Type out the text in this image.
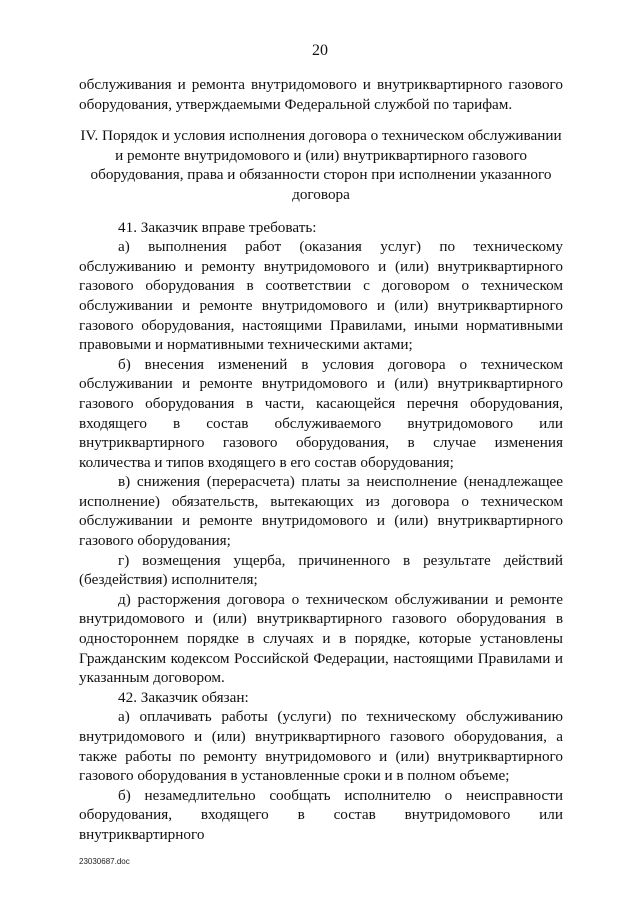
20

обслуживания и ремонта внутридомового и внутриквартирного газового оборудования, утверждаемыми Федеральной службой по тарифам.

IV. Порядок и условия исполнения договора о техническом обслуживании и ремонте внутридомового и (или) внутриквартирного газового оборудования, права и обязанности сторон при исполнении указанного договора

41. Заказчик вправе требовать:

а) выполнения работ (оказания услуг) по техническому обслуживанию и ремонту внутридомового и (или) внутриквартирного газового оборудования в соответствии с договором о техническом обслуживании и ремонте внутридомового и (или) внутриквартирного газового оборудования, настоящими Правилами, иными нормативными правовыми и нормативными техническими актами;

б) внесения изменений в условия договора о техническом обслуживании и ремонте внутридомового и (или) внутриквартирного газового оборудования в части, касающейся перечня оборудования, входящего в состав обслуживаемого внутридомового или внутриквартирного газового оборудования, в случае изменения количества и типов входящего в его состав оборудования;

в) снижения (перерасчета) платы за неисполнение (ненадлежащее исполнение) обязательств, вытекающих из договора о техническом обслуживании и ремонте внутридомового и (или) внутриквартирного газового оборудования;

г) возмещения ущерба, причиненного в результате действий (бездействия) исполнителя;

д) расторжения договора о техническом обслуживании и ремонте внутридомового и (или) внутриквартирного газового оборудования в одностороннем порядке в случаях и в порядке, которые установлены Гражданским кодексом Российской Федерации, настоящими Правилами и указанным договором.

42. Заказчик обязан:

а) оплачивать работы (услуги) по техническому обслуживанию внутридомового и (или) внутриквартирного газового оборудования, а также работы по ремонту внутридомового и (или) внутриквартирного газового оборудования в установленные сроки и в полном объеме;

б) незамедлительно сообщать исполнителю о неисправности оборудования, входящего в состав внутридомового или внутриквартирного

23030687.doc
